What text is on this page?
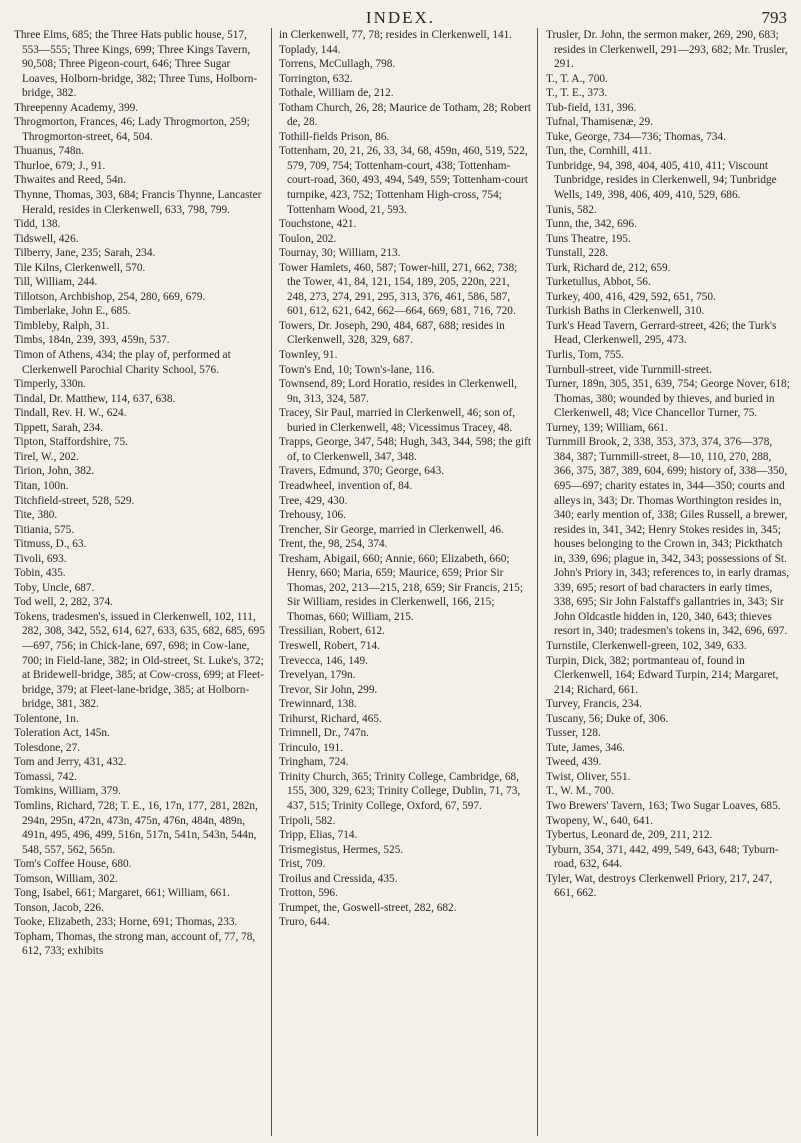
INDEX.	793

Three Elms, 685; the Three Hats public house, 517, 553—555; Three Kings, 699; Three Kings Tavern, 90,508; Three Pigeon-court, 646; Three Sugar Loaves, Holborn-bridge, 382; Three Tuns, Holborn-bridge, 382.

Threepenny Academy, 399.

Throgmorton, Frances, 46; Lady Throgmorton, 259; Throgmorton-street, 64, 504.

Thuanus, 748n.

Thurloe, 679; J., 91.

Thwaites and Reed, 54n.

Thynne, Thomas, 303, 684; Francis Thynne, Lancaster Herald, resides in Clerkenwell, 633, 798, 799.

Tidd, 138.

Tidswell, 426.

Tilberry, Jane, 235; Sarah, 234.

Tile Kilns, Clerkenwell, 570.

Till, William, 244.

Tillotson, Archbishop, 254, 280, 669, 679.

Timberlake, John E., 685.

Timbleby, Ralph, 31.

Timbs, 184n, 239, 393, 459n, 537.

Timon of Athens, 434; the play of, performed at Clerkenwell Parochial Charity School, 576.

Timperly, 330n.

Tindal, Dr. Matthew, 114, 637, 638.

Tindall, Rev. H. W., 624.

Tippett, Sarah, 234.

Tipton, Staffordshire, 75.

Tirel, W., 202.

Tirion, John, 382.

Titan, 100n.

Titchfield-street, 528, 529.

Tite, 380.

Titiania, 575.

Titmuss, D., 63.

Tivoli, 693.

Tobin, 435.

Toby, Uncle, 687.

Tod well, 2, 282, 374.

Tokens, tradesmen's, issued in Clerkenwell, 102, 111, 282, 308, 342, 552, 614, 627, 633, 635, 682, 685, 695—697, 756; in Chick-lane, 697, 698; in Cow-lane, 700; in Field-lane, 382; in Old-street, St. Luke's, 372; at Bridewell-bridge, 385; at Cow-cross, 699; at Fleet-bridge, 379; at Fleet-lane-bridge, 385; at Holborn-bridge, 381, 382.

Tolentone, 1n.

Toleration Act, 145n.

Tolesdone, 27.

Tom and Jerry, 431, 432.

Tomassi, 742.

Tomkins, William, 379.

Tomlins, Richard, 728; T. E., 16, 17n, 177, 281, 282n, 294n, 295n, 472n, 473n, 475n, 476n, 484n, 489n, 491n, 495, 496, 499, 516n, 517n, 541n, 543n, 544n, 548, 557, 562, 565n.

Tom's Coffee House, 680.

Tomson, William, 302.

Tong, Isabel, 661; Margaret, 661; William, 661.

Tonson, Jacob, 226.

Tooke, Elizabeth, 233; Horne, 691; Thomas, 233.

Topham, Thomas, the strong man, account of, 77, 78, 612, 733; exhibits

in Clerkenwell, 77, 78; resides in Clerkenwell, 141.

Toplady, 144.

Torrens, McCullagh, 798.

Torrington, 632.

Tothale, William de, 212.

Totham Church, 26, 28; Maurice de Totham, 28; Robert de, 28.

Tothill-fields Prison, 86.

Tottenham, 20, 21, 26, 33, 34, 68, 459n, 460, 519, 522, 579, 709, 754; Tottenham-court, 438; Tottenham-court-road, 360, 493, 494, 549, 559; Tottenham-court turnpike, 423, 752; Tottenham High-cross, 754; Tottenham Wood, 21, 593.

Touchstone, 421.

Toulon, 202.

Tournay, 30; William, 213.

Tower Hamlets, 460, 587; Tower-hill, 271, 662, 738; the Tower, 41, 84, 121, 154, 189, 205, 220n, 221, 248, 273, 274, 291, 295, 313, 376, 461, 586, 587, 601, 612, 621, 642, 662—664, 669, 681, 716, 720.

Towers, Dr. Joseph, 290, 484, 687, 688; resides in Clerkenwell, 328, 329, 687.

Townley, 91.

Town's End, 10; Town's-lane, 116.

Townsend, 89; Lord Horatio, resides in Clerkenwell, 9n, 313, 324, 587.

Tracey, Sir Paul, married in Clerkenwell, 46; son of, buried in Clerkenwell, 48; Vicessimus Tracey, 48.

Trapps, George, 347, 548; Hugh, 343, 344, 598; the gift of, to Clerkenwell, 347, 348.

Travers, Edmund, 370; George, 643.

Treadwheel, invention of, 84.

Tree, 429, 430.

Trehousy, 106.

Trencher, Sir George, married in Clerkenwell, 46.

Trent, the, 98, 254, 374.

Tresham, Abigail, 660; Annie, 660; Elizabeth, 660; Henry, 660; Maria, 659; Maurice, 659; Prior Sir Thomas, 202, 213—215, 218, 659; Sir Francis, 215; Sir William, resides in Clerkenwell, 166, 215; Thomas, 660; William, 215.

Tressilian, Robert, 612.

Treswell, Robert, 714.

Trevecca, 146, 149.

Trevelyan, 179n.

Trevor, Sir John, 299.

Trewinnard, 138.

Trihurst, Richard, 465.

Trimnell, Dr., 747n.

Trinculo, 191.

Tringham, 724.

Trinity Church, 365; Trinity College, Cambridge, 68, 155, 300, 329, 623; Trinity College, Dublin, 71, 73, 437, 515; Trinity College, Oxford, 67, 597.

Tripoli, 582.

Tripp, Elias, 714.

Trismegistus, Hermes, 525.

Trist, 709.

Troilus and Cressida, 435.

Trotton, 596.

Trumpet, the, Goswell-street, 282, 682.

Truro, 644.

Trusler, Dr. John, the sermon maker, 269, 290, 683; resides in Clerkenwell, 291—293, 682; Mr. Trusler, 291.

T., T. A., 700.

T., T. E., 373.

Tub-field, 131, 396.

Tufnal, Thamisenæ, 29.

Tuke, George, 734—736; Thomas, 734.

Tun, the, Cornhill, 411.

Tunbridge, 94, 398, 404, 405, 410, 411; Viscount Tunbridge, resides in Clerkenwell, 94; Tunbridge Wells, 149, 398, 406, 409, 410, 529, 686.

Tunis, 582.

Tunn, the, 342, 696.

Tuns Theatre, 195.

Tunstall, 228.

Turk, Richard de, 212, 659.

Turketullus, Abbot, 56.

Turkey, 400, 416, 429, 592, 651, 750.

Turkish Baths in Clerkenwell, 310.

Turk's Head Tavern, Gerrard-street, 426; the Turk's Head, Clerkenwell, 295, 473.

Turlis, Tom, 755.

Turnbull-street, vide Turnmill-street.

Turner, 189n, 305, 351, 639, 754; George Nover, 618; Thomas, 380; wounded by thieves, and buried in Clerkenwell, 48; Vice Chancellor Turner, 75.

Turney, 139; William, 661.

Turnmill Brook, 2, 338, 353, 373, 374, 376—378, 384, 387; Turnmill-street, 8—10, 110, 270, 288, 366, 375, 387, 389, 604, 699; history of, 338—350, 695—697; charity estates in, 344—350; courts and alleys in, 343; Dr. Thomas Worthington resides in, 340; early mention of, 338; Giles Russell, a brewer, resides in, 341, 342; Henry Stokes resides in, 345; houses belonging to the Crown in, 343; Pickthatch in, 339, 696; plague in, 342, 343; possessions of St. John's Priory in, 343; references to, in early dramas, 339, 695; resort of bad characters in early times, 338, 695; Sir John Falstaff's gallantries in, 343; Sir John Oldcastle hidden in, 120, 340, 643; thieves resort in, 340; tradesmen's tokens in, 342, 696, 697.

Turnstile, Clerkenwell-green, 102, 349, 633.

Turpin, Dick, 382; portmanteau of, found in Clerkenwell, 164; Edward Turpin, 214; Margaret, 214; Richard, 661.

Turvey, Francis, 234.

Tuscany, 56; Duke of, 306.

Tusser, 128.

Tute, James, 346.

Tweed, 439.

Twist, Oliver, 551.

T., W. M., 700.

Two Brewers' Tavern, 163; Two Sugar Loaves, 685.

Twopeny, W., 640, 641.

Tybertus, Leonard de, 209, 211, 212.

Tyburn, 354, 371, 442, 499, 549, 643, 648; Tyburn-road, 632, 644.

Tyler, Wat, destroys Clerkenwell Priory, 217, 247, 661, 662.
